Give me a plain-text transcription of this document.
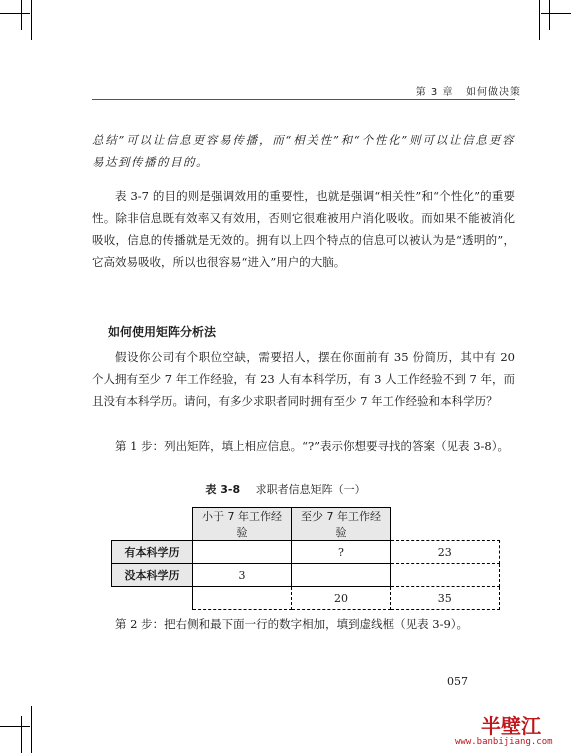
第 3 章 如何做决策

总结”可以让信息更容易传播，而“相关性”和“个性化”则可以让信息更容易达到传播的目的。

表 3-7 的目的则是强调效用的重要性，也就是强调“相关性”和“个性化”的重要性。除非信息既有效率又有效用，否则它很难被用户消化吸收。而如果不能被消化吸收，信息的传播就是无效的。拥有以上四个特点的信息可以被认为是“透明的”，它高效易吸收，所以也很容易“进入”用户的大脑。

如何使用矩阵分析法

假设你公司有个职位空缺，需要招人，摆在你面前有 35 份简历，其中有 20 个人拥有至少 7 年工作经验，有 23 人有本科学历，有 3 人工作经验不到 7 年，而且没有本科学历。请问，有多少求职者同时拥有至少 7 年工作经验和本科学历？

第 1 步：列出矩阵，填上相应信息。“?”表示你想要寻找的答案（见表 3-8）。

表 3-8 求职者信息矩阵（一）
	小于 7 年工作经验	至少 7 年工作经验	
有本科学历		?	23
没本科学历	3		
		20	35

第 2 步：把右侧和最下面一行的数字相加，填到虚线框（见表 3-9）。

057
半壁江
www.banbijiang.com
